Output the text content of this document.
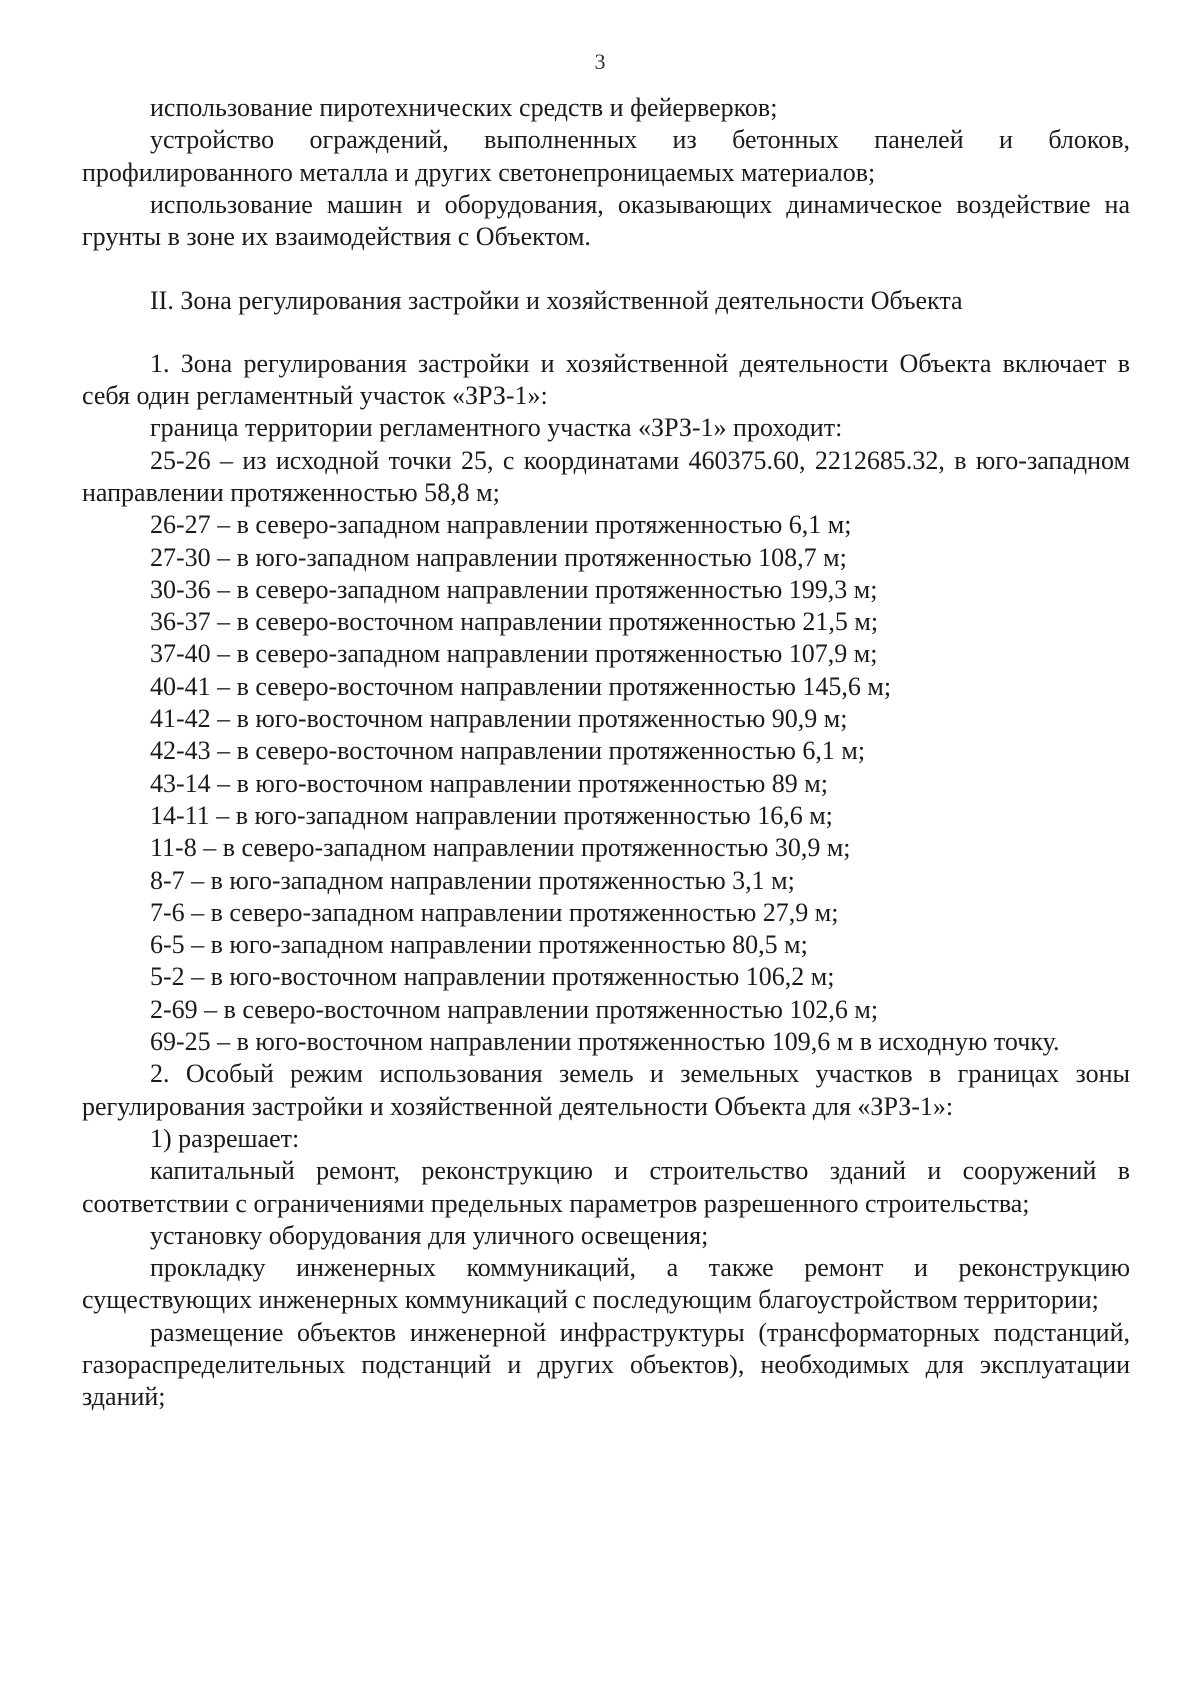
3

использование пиротехнических средств и фейерверков;

устройство ограждений, выполненных из бетонных панелей и блоков, профилированного металла и других светонепроницаемых материалов;

использование машин и оборудования, оказывающих динамическое воздействие на грунты в зоне их взаимодействия с Объектом.

II. Зона регулирования застройки и хозяйственной деятельности Объекта

1. Зона регулирования застройки и хозяйственной деятельности Объекта включает в себя один регламентный участок «ЗРЗ-1»:

граница территории регламентного участка «ЗРЗ-1» проходит:

25-26 – из исходной точки 25, с координатами 460375.60, 2212685.32, в юго-западном направлении протяженностью 58,8 м;

26-27 – в северо-западном направлении протяженностью 6,1 м;
27-30 – в юго-западном направлении протяженностью 108,7 м;
30-36 – в северо-западном направлении протяженностью 199,3 м;
36-37 – в северо-восточном направлении протяженностью 21,5 м;
37-40 – в северо-западном направлении протяженностью 107,9 м;
40-41 – в северо-восточном направлении протяженностью 145,6 м;
41-42 – в юго-восточном направлении протяженностью 90,9 м;
42-43 – в северо-восточном направлении протяженностью 6,1 м;
43-14 – в юго-восточном направлении протяженностью 89 м;
14-11 – в юго-западном направлении протяженностью 16,6 м;
11-8 – в северо-западном направлении протяженностью 30,9 м;
8-7 – в юго-западном направлении протяженностью 3,1 м;
7-6 – в северо-западном направлении протяженностью 27,9 м;
6-5 – в юго-западном направлении протяженностью 80,5 м;
5-2 – в юго-восточном направлении протяженностью 106,2 м;
2-69 – в северо-восточном направлении протяженностью 102,6 м;

69-25 – в юго-восточном направлении протяженностью 109,6 м в исходную точку.

2. Особый режим использования земель и земельных участков в границах зоны регулирования застройки и хозяйственной деятельности Объекта для «ЗРЗ-1»:

1) разрешает:

капитальный ремонт, реконструкцию и строительство зданий и сооружений в соответствии с ограничениями предельных параметров разрешенного строительства;

установку оборудования для уличного освещения;

прокладку инженерных коммуникаций, а также ремонт и реконструкцию существующих инженерных коммуникаций с последующим благоустройством территории;

размещение объектов инженерной инфраструктуры (трансформаторных подстанций, газораспределительных подстанций и других объектов), необходимых для эксплуатации зданий;
